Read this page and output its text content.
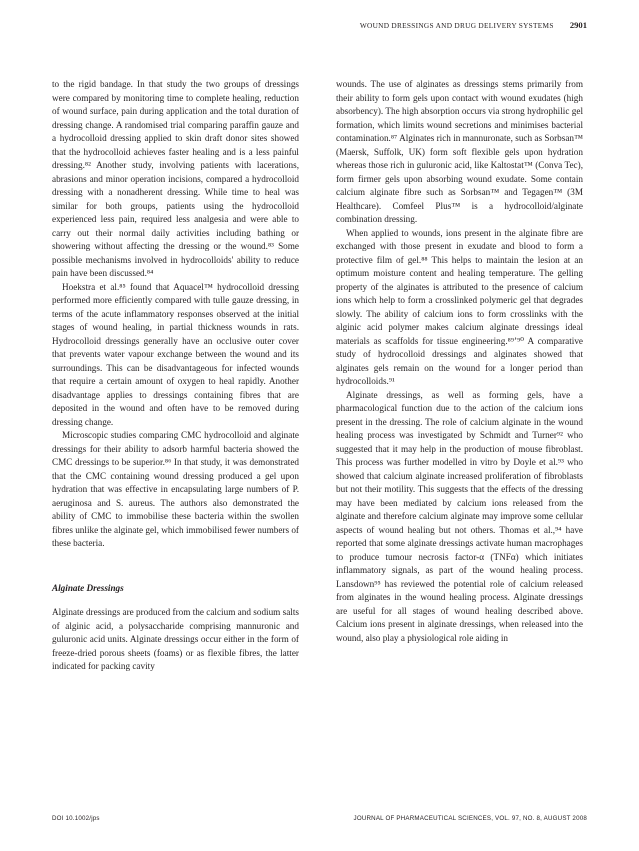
WOUND DRESSINGS AND DRUG DELIVERY SYSTEMS 2901

to the rigid bandage. In that study the two groups of dressings were compared by monitoring time to complete healing, reduction of wound surface, pain during application and the total duration of dressing change. A randomised trial comparing paraffin gauze and a hydrocolloid dressing applied to skin draft donor sites showed that the hydrocolloid achieves faster healing and is a less painful dressing.⁸² Another study, involving patients with lacerations, abrasions and minor operation incisions, compared a hydrocolloid dressing with a nonadherent dressing. While time to heal was similar for both groups, patients using the hydrocolloid experienced less pain, required less analgesia and were able to carry out their normal daily activities including bathing or showering without affecting the dressing or the wound.⁸³ Some possible mechanisms involved in hydrocolloids' ability to reduce pain have been discussed.⁸⁴

Hoekstra et al.⁸⁵ found that Aquacel™ hydrocolloid dressing performed more efficiently compared with tulle gauze dressing, in terms of the acute inflammatory responses observed at the initial stages of wound healing, in partial thickness wounds in rats. Hydrocolloid dressings generally have an occlusive outer cover that prevents water vapour exchange between the wound and its surroundings. This can be disadvantageous for infected wounds that require a certain amount of oxygen to heal rapidly. Another disadvantage applies to dressings containing fibres that are deposited in the wound and often have to be removed during dressing change.

Microscopic studies comparing CMC hydrocolloid and alginate dressings for their ability to adsorb harmful bacteria showed the CMC dressings to be superior.⁸⁶ In that study, it was demonstrated that the CMC containing wound dressing produced a gel upon hydration that was effective in encapsulating large numbers of P. aeruginosa and S. aureus. The authors also demonstrated the ability of CMC to immobilise these bacteria within the swollen fibres unlike the alginate gel, which immobilised fewer numbers of these bacteria.

Alginate Dressings

Alginate dressings are produced from the calcium and sodium salts of alginic acid, a polysaccharide comprising mannuronic and guluronic acid units. Alginate dressings occur either in the form of freeze-dried porous sheets (foams) or as flexible fibres, the latter indicated for packing cavity

wounds. The use of alginates as dressings stems primarily from their ability to form gels upon contact with wound exudates (high absorbency). The high absorption occurs via strong hydrophilic gel formation, which limits wound secretions and minimises bacterial contamination.⁸⁷ Alginates rich in mannuronate, such as Sorbsan™ (Maersk, Suffolk, UK) form soft flexible gels upon hydration whereas those rich in guluronic acid, like Kaltostat™ (Conva Tec), form firmer gels upon absorbing wound exudate. Some contain calcium alginate fibre such as Sorbsan™ and Tegagen™ (3M Healthcare). Comfeel Plus™ is a hydrocolloid/alginate combination dressing.

When applied to wounds, ions present in the alginate fibre are exchanged with those present in exudate and blood to form a protective film of gel.⁸⁸ This helps to maintain the lesion at an optimum moisture content and healing temperature. The gelling property of the alginates is attributed to the presence of calcium ions which help to form a crosslinked polymeric gel that degrades slowly. The ability of calcium ions to form crosslinks with the alginic acid polymer makes calcium alginate dressings ideal materials as scaffolds for tissue engineering.⁸⁹ʼ⁹⁰ A comparative study of hydrocolloid dressings and alginates showed that alginates gels remain on the wound for a longer period than hydrocolloids.⁹¹

Alginate dressings, as well as forming gels, have a pharmacological function due to the action of the calcium ions present in the dressing. The role of calcium alginate in the wound healing process was investigated by Schmidt and Turner⁹² who suggested that it may help in the production of mouse fibroblast. This process was further modelled in vitro by Doyle et al.⁹³ who showed that calcium alginate increased proliferation of fibroblasts but not their motility. This suggests that the effects of the dressing may have been mediated by calcium ions released from the alginate and therefore calcium alginate may improve some cellular aspects of wound healing but not others. Thomas et al.,⁹⁴ have reported that some alginate dressings activate human macrophages to produce tumour necrosis factor-α (TNFα) which initiates inflammatory signals, as part of the wound healing process. Lansdown⁹⁵ has reviewed the potential role of calcium released from alginates in the wound healing process. Alginate dressings are useful for all stages of wound healing described above. Calcium ions present in alginate dressings, when released into the wound, also play a physiological role aiding in

DOI 10.1002/jps	JOURNAL OF PHARMACEUTICAL SCIENCES, VOL. 97, NO. 8, AUGUST 2008
